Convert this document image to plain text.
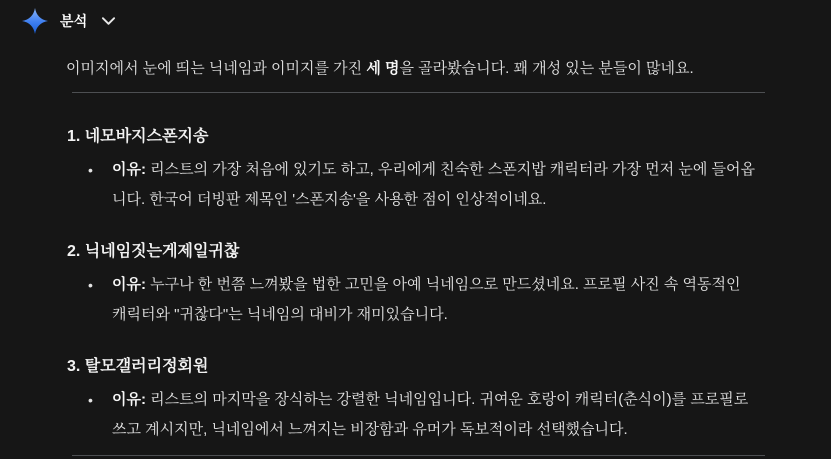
분석

이미지에서 눈에 띄는 닉네임과 이미지를 가진 세 명을 골라봤습니다. 꽤 개성 있는 분들이 많네요.

1. 네모바지스폰지송
•	이유: 리스트의 가장 처음에 있기도 하고, 우리에게 친숙한 스폰지밥 캐릭터라 가장 먼저 눈에 들어옵
니다. 한국어 더빙판 제목인 '스폰지송'을 사용한 점이 인상적이네요.
2. 닉네임짓는게제일귀찮
•	이유: 누구나 한 번쯤 느껴봤을 법한 고민을 아예 닉네임으로 만드셨네요. 프로필 사진 속 역동적인
캐릭터와 "귀찮다"는 닉네임의 대비가 재미있습니다.
3. 탈모갤러리정회원
•	이유: 리스트의 마지막을 장식하는 강렬한 닉네임입니다. 귀여운 호랑이 캐릭터(춘식이)를 프로필로
쓰고 계시지만, 닉네임에서 느껴지는 비장함과 유머가 독보적이라 선택했습니다.
